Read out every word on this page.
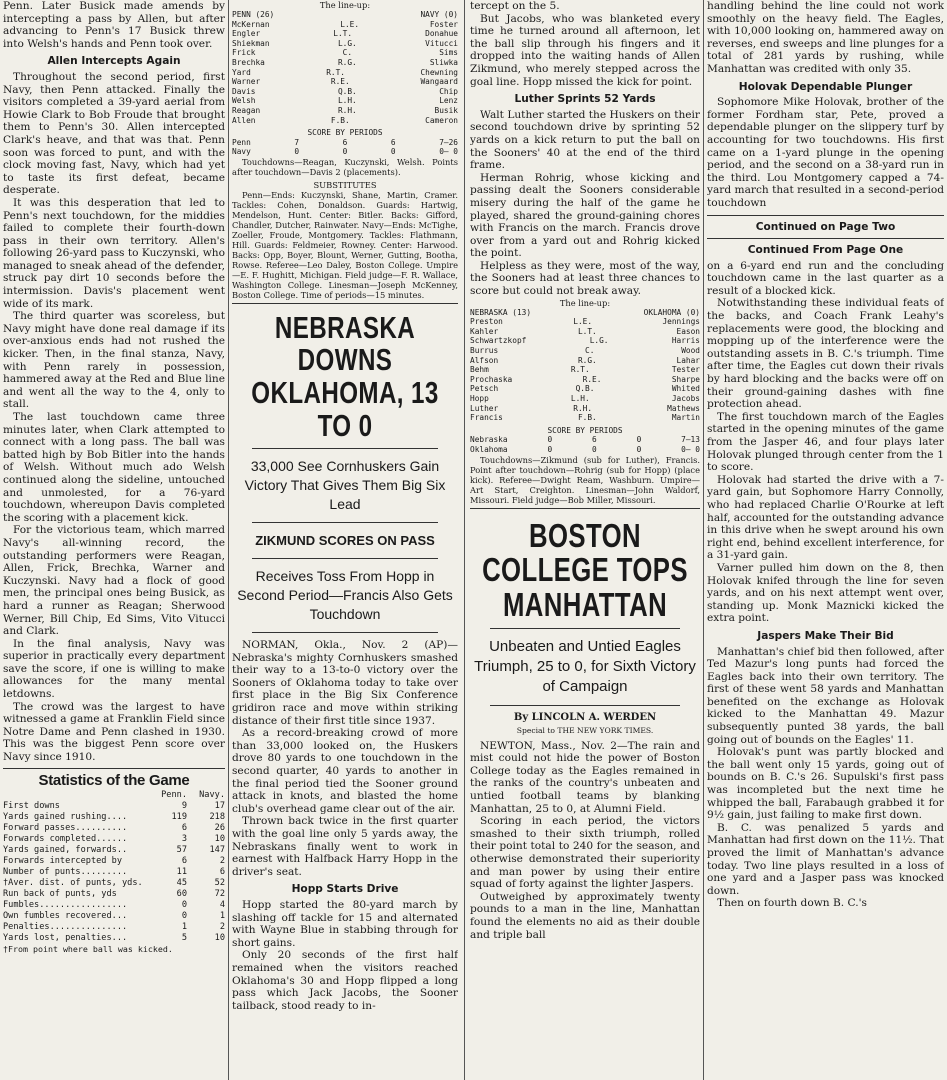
Penn. Later Busick made amends by intercepting a pass by Allen, but after advancing to Penn's 17 Busick threw into Welsh's hands and Penn took over.

Allen Intercepts Again

Throughout the second period, first Navy, then Penn attacked. Finally the visitors completed a 39-yard aerial from Howie Clark to Bob Froude that brought them to Penn's 30. Allen intercepted Clark's heave, and that was that. Penn soon was forced to punt, and with the clock moving fast, Navy, which had yet to taste its first defeat, became desperate.

It was this desperation that led to Penn's next touchdown, for the middies failed to complete their fourth-down pass in their own territory. Allen's following 26-yard pass to Kuczynski, who managed to sneak ahead of the defender, struck pay dirt 10 seconds before the intermission. Davis's placement went wide of its mark.

The third quarter was scoreless, but Navy might have done real damage if its over-anxious ends had not rushed the kicker. Then, in the final stanza, Navy, with Penn rarely in possession, hammered away at the Red and Blue line and went all the way to the 4, only to stall.

The last touchdown came three minutes later, when Clark attempted to connect with a long pass. The ball was batted high by Bob Bitler into the hands of Welsh. Without much ado Welsh continued along the sideline, untouched and unmolested, for a 76-yard touchdown, whereupon Davis completed the scoring with a placement kick.

For the victorious team, which marred Navy's all-winning record, the outstanding performers were Reagan, Allen, Frick, Brechka, Warner and Kuczynski. Navy had a flock of good men, the principal ones being Busick, as hard a runner as Reagan; Sherwood Werner, Bill Chip, Ed Sims, Vito Vitucci and Clark.

In the final analysis, Navy was superior in practically every department save the score, if one is willing to make allowances for the many mental letdowns.

The crowd was the largest to have witnessed a game at Franklin Field since Notre Dame and Penn clashed in 1930. This was the biggest Penn score over Navy since 1910.

Statistics of the Game
Penn.	Navy.
First downs	9	17
Yards gained rushing....	119	218
Forward passes..........	6	26
Forwards completed......	3	10
Yards gained, forwards..	57	147
Forwards intercepted by	6	2
Number of punts.........	11	6
†Aver. dist. of punts, yds.	45	52
Run back of punts, yds	60	72
Fumbles.................	0	4
Own fumbles recovered...	0	1
Penalties...............	1	2
Yards lost, penalties...	5	10
†From point where ball was kicked.
The line-up:
PENN (26)	NAVY (0)
McKernan	L.E.	Foster
Engler	L.T.	Donahue
Shiekman	L.G.	Vitucci
Frick	C.	Sims
Brechka	R.G.	Sliwka
Yard	R.T.	Chewning
Warner	R.E.	Wangaard
Davis	Q.B.	Chip
Welsh	L.H.	Lenz
Reagan	R.H.	Busik
Allen	F.B.	Cameron
SCORE BY PERIODS
Penn	7	6	6	7—26
Navy	0	0	0	0— 0

Touchdowns—Reagan, Kuczynski, Welsh. Points after touchdown—Davis 2 (placements).

SUBSTITUTES

Penn—Ends: Kuczynski, Shane, Martin, Cramer. Tackles: Cohen, Donaldson. Guards: Hartwig, Mendelson, Hunt. Center: Bitler. Backs: Gifford, Chandler, Dutcher, Rainwater. Navy—Ends: McTighe, Zoeller, Froude, Montgomery. Tackles: Flathmann, Hill. Guards: Feldmeier, Rowney. Center: Harwood. Backs: Opp, Boyer, Blount, Werner, Gutting, Bootha, Rowse. Referee—Leo Daley, Boston College. Umpire—E. F. Hughitt, Michigan. Field judge—F. R. Wallace, Washington College. Linesman—Joseph McKenney, Boston College. Time of periods—15 minutes.

NEBRASKA DOWNS OKLAHOMA, 13 TO 0
33,000 See Cornhuskers Gain Victory That Gives Them Big Six Lead
ZIKMUND SCORES ON PASS
Receives Toss From Hopp in Second Period—Francis Also Gets Touchdown

NORMAN, Okla., Nov. 2 (AP)—Nebraska's mighty Cornhuskers smashed their way to a 13-to-0 victory over the Sooners of Oklahoma today to take over first place in the Big Six Conference gridiron race and move within striking distance of their first title since 1937.

As a record-breaking crowd of more than 33,000 looked on, the Huskers drove 80 yards to one touchdown in the second quarter, 40 yards to another in the final period tied the Sooner ground attack in knots, and blasted the home club's overhead game clear out of the air.

Thrown back twice in the first quarter with the goal line only 5 yards away, the Nebraskans finally went to work in earnest with Halfback Harry Hopp in the driver's seat.

Hopp Starts Drive

Hopp started the 80-yard march by slashing off tackle for 15 and alternated with Wayne Blue in stabbing through for short gains.

Only 20 seconds of the first half remained when the visitors reached Oklahoma's 30 and Hopp flipped a long pass which Jack Jacobs, the Sooner tailback, stood ready to in-

tercept on the 5.

But Jacobs, who was blanketed every time he turned around all afternoon, let the ball slip through his fingers and it dropped into the waiting hands of Allen Zikmund, who merely stepped across the goal line. Hopp missed the kick for point.

Luther Sprints 52 Yards

Walt Luther started the Huskers on their second touchdown drive by sprinting 52 yards on a kick return to put the ball on the Sooners' 40 at the end of the third frame.

Herman Rohrig, whose kicking and passing dealt the Sooners considerable misery during the half of the game he played, shared the ground-gaining chores with Francis on the march. Francis drove over from a yard out and Rohrig kicked the point.

Helpless as they were, most of the way, the Sooners had at least three chances to score but could not break away.

The line-up:
NEBRASKA (13)	OKLAHOMA (0)
Preston	L.E.	Jennings
Kahler	L.T.	Eason
Schwartzkopf	L.G.	Harris
Burrus	C.	Wood
Alfson	R.G.	Lahar
Behm	R.T.	Tester
Prochaska	R.E.	Sharpe
Petsch	Q.B.	Whited
Hopp	L.H.	Jacobs
Luther	R.H.	Mathews
Francis	F.B.	Martin
SCORE BY PERIODS
Nebraska	0	6	0	7—13
Oklahoma	0	0	0	0— 0

Touchdowns—Zikmund (sub for Luther), Francis. Point after touchdown—Rohrig (sub for Hopp) (place kick). Referee—Dwight Ream, Washburn. Umpire—Art Start, Creighton. Linesman—John Waldorf, Missouri. Field judge—Bob Miller, Missouri.

BOSTON COLLEGE TOPS MANHATTAN
Unbeaten and Untied Eagles Triumph, 25 to 0, for Sixth Victory of Campaign
By LINCOLN A. WERDEN
Special to THE NEW YORK TIMES.

NEWTON, Mass., Nov. 2—The rain and mist could not hide the power of Boston College today as the Eagles remained in the ranks of the country's unbeaten and untied football teams by blanking Manhattan, 25 to 0, at Alumni Field.

Scoring in each period, the victors smashed to their sixth triumph, rolled their point total to 240 for the season, and otherwise demonstrated their superiority and man power by using their entire squad of forty against the lighter Jaspers.

Outweighed by approximately twenty pounds to a man in the line, Manhattan found the elements no aid as their double and triple ball

handling behind the line could not work smoothly on the heavy field. The Eagles, with 10,000 looking on, hammered away on reverses, end sweeps and line plunges for a total of 281 yards by rushing, while Manhattan was credited with only 35.

Holovak Dependable Plunger

Sophomore Mike Holovak, brother of the former Fordham star, Pete, proved a dependable plunger on the slippery turf by accounting for two touchdowns. His first came on a 1-yard plunge in the opening period, and the second on a 38-yard run in the third. Lou Montgomery capped a 74-yard march that resulted in a second-period touchdown

Continued on Page Two
Continued From Page One

on a 6-yard end run and the concluding touchdown came in the last quarter as a result of a blocked kick.

Notwithstanding these individual feats of the backs, and Coach Frank Leahy's replacements were good, the blocking and mopping up of the interference were the outstanding assets in B. C.'s triumph. Time after time, the Eagles cut down their rivals by hard blocking and the backs were off on their ground-gaining dashes with fine protection ahead.

The first touchdown march of the Eagles started in the opening minutes of the game from the Jasper 46, and four plays later Holovak plunged through center from the 1 to score.

Holovak had started the drive with a 7-yard gain, but Sophomore Harry Connolly, who had replaced Charlie O'Rourke at left half, accounted for the outstanding advance in this drive when he swept around his own right end, behind excellent interference, for a 31-yard gain.

Varner pulled him down on the 8, then Holovak knifed through the line for seven yards, and on his next attempt went over, standing up. Monk Maznicki kicked the extra point.

Jaspers Make Their Bid

Manhattan's chief bid then followed, after Ted Mazur's long punts had forced the Eagles back into their own territory. The first of these went 58 yards and Manhattan benefited on the exchange as Holovak kicked to the Manhattan 49. Mazur subsequently punted 38 yards, the ball going out of bounds on the Eagles' 11.

Holovak's punt was partly blocked and the ball went only 15 yards, going out of bounds on B. C.'s 26. Supulski's first pass was incompleted but the next time he whipped the ball, Farabaugh grabbed it for 9½ gain, just failing to make first down.

B. C. was penalized 5 yards and Manhattan had first down on the 11½. That proved the limit of Manhattan's advance today. Two line plays resulted in a loss of one yard and a Jasper pass was knocked down.

Then on fourth down B. C.'s
